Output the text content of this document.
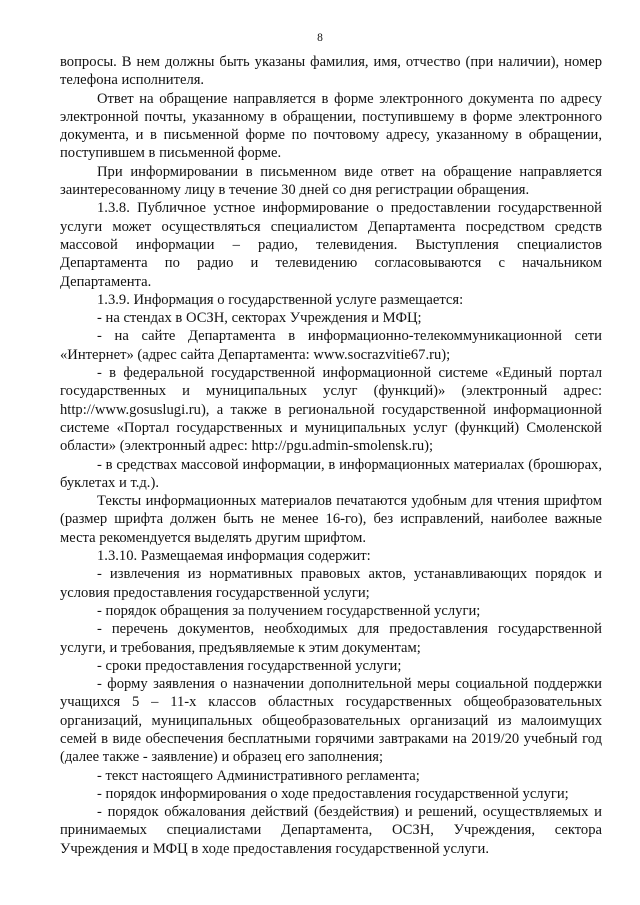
8

вопросы. В нем должны быть указаны фамилия, имя, отчество (при наличии), номер телефона исполнителя.

Ответ на обращение направляется в форме электронного документа по адресу электронной почты, указанному в обращении, поступившему в форме электронного документа, и в письменной форме по почтовому адресу, указанному в обращении, поступившем в письменной форме.

При информировании в письменном виде ответ на обращение направляется заинтересованному лицу в течение 30 дней со дня регистрации обращения.

1.3.8. Публичное устное информирование о предоставлении государственной услуги может осуществляться специалистом Департамента посредством средств массовой информации – радио, телевидения. Выступления специалистов Департамента по радио и телевидению согласовываются с начальником Департамента.

1.3.9. Информация о государственной услуге размещается:

- на стендах в ОСЗН, секторах Учреждения и МФЦ;

- на сайте Департамента в информационно-телекоммуникационной сети «Интернет» (адрес сайта Департамента: www.socrazvitie67.ru);

- в федеральной государственной информационной системе «Единый портал государственных и муниципальных услуг (функций)» (электронный адрес: http://www.gosuslugi.ru), а также в региональной государственной информационной системе «Портал государственных и муниципальных услуг (функций) Смоленской области» (электронный адрес: http://pgu.admin-smolensk.ru);

- в средствах массовой информации, в информационных материалах (брошюрах, буклетах и т.д.).

Тексты информационных материалов печатаются удобным для чтения шрифтом (размер шрифта должен быть не менее 16-го), без исправлений, наиболее важные места рекомендуется выделять другим шрифтом.

1.3.10. Размещаемая информация содержит:

- извлечения из нормативных правовых актов, устанавливающих порядок и условия предоставления государственной услуги;

- порядок обращения за получением государственной услуги;

- перечень документов, необходимых для предоставления государственной услуги, и требования, предъявляемые к этим документам;

- сроки предоставления государственной услуги;

- форму заявления о назначении дополнительной меры социальной поддержки учащихся 5 – 11-х классов областных государственных общеобразовательных организаций, муниципальных общеобразовательных организаций из малоимущих семей в виде обеспечения бесплатными горячими завтраками на 2019/20 учебный год (далее также - заявление) и образец его заполнения;

- текст настоящего Административного регламента;

- порядок информирования о ходе предоставления государственной услуги;

- порядок обжалования действий (бездействия) и решений, осуществляемых и принимаемых специалистами Департамента, ОСЗН, Учреждения, сектора Учреждения и МФЦ в ходе предоставления государственной услуги.
